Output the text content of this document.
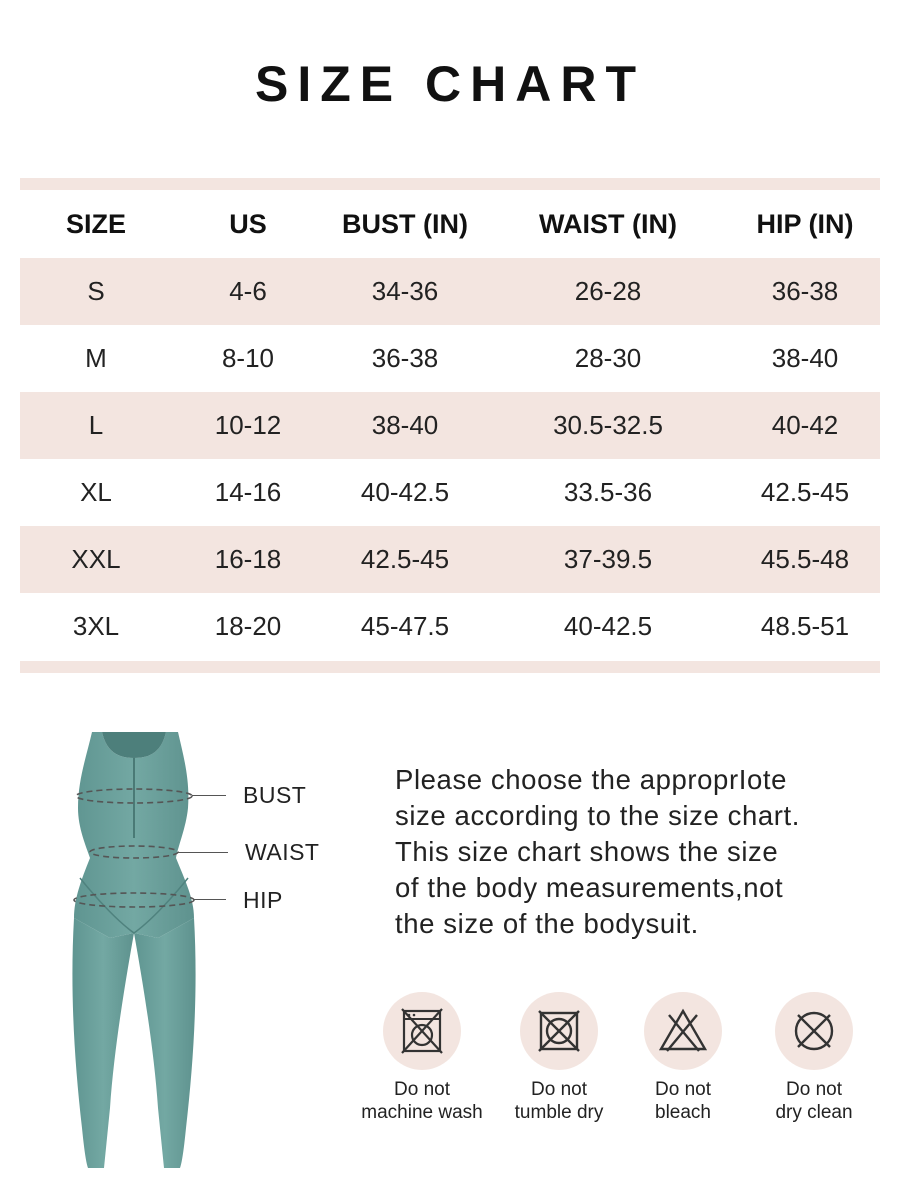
SIZE CHART
SIZE	US	BUST (IN)	WAIST (IN)	HIP (IN)
S	4-6	34-36	26-28	36-38
M	8-10	36-38	28-30	38-40
L	10-12	38-40	30.5-32.5	40-42
XL	14-16	40-42.5	33.5-36	42.5-45
XXL	16-18	42.5-45	37-39.5	45.5-48
3XL	18-20	45-47.5	40-42.5	48.5-51
BUST
WAIST
HIP
Please choose the approprIote
size according to the size chart.
This size chart shows the size
of the body measurements,not
the size of the bodysuit.
Do not
machine wash
Do not
tumble dry
Do not
bleach
Do not
dry clean
